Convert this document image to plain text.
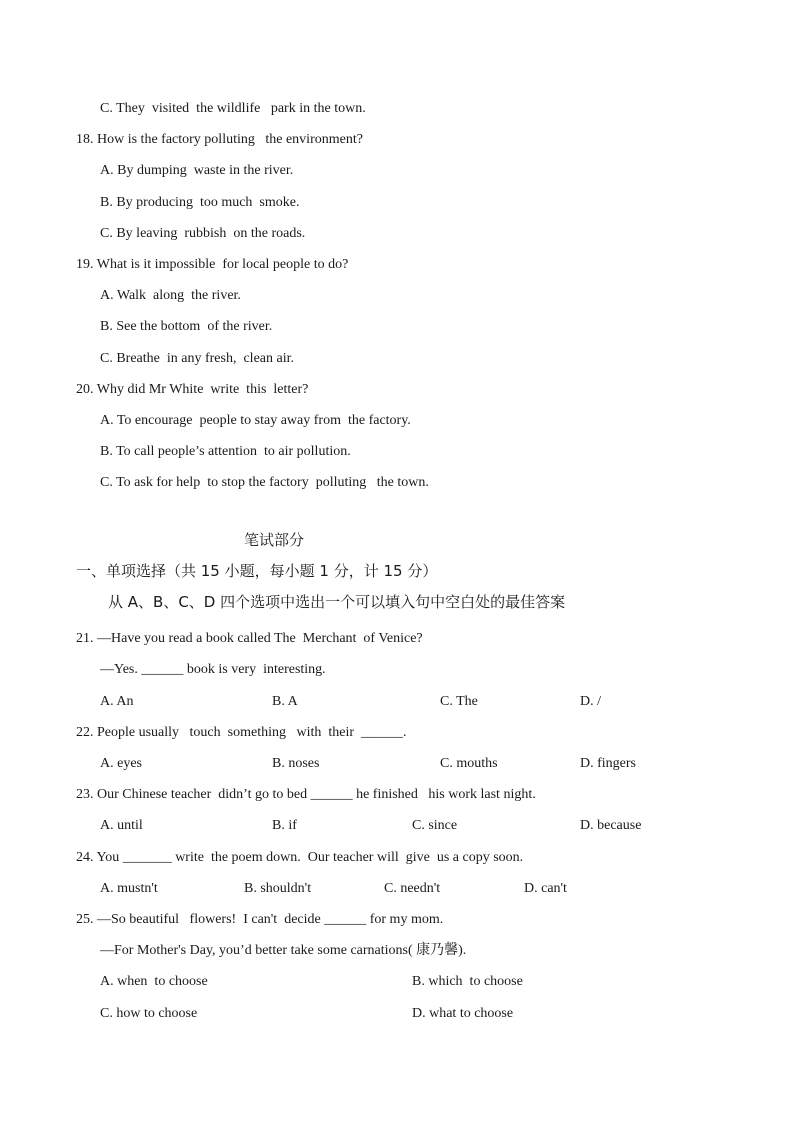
C. They  visited  the wildlife   park in the town.
18. How is the factory polluting   the environment?
A. By dumping  waste in the river.
B. By producing  too much  smoke.
C. By leaving  rubbish  on the roads.
19. What is it impossible  for local people to do?
A. Walk  along  the river.
B. See the bottom  of the river.
C. Breathe  in any fresh,  clean air.
20. Why did Mr White  write  this  letter?
A. To encourage  people to stay away from  the factory.
B. To call people’s attention  to air pollution.
C. To ask for help  to stop the factory  polluting   the town.
笔试部分
一、单项选择（共 15 小题，每小题 1 分，计 15 分）
从 A、B、C、D 四个选项中选出一个可以填入句中空白处的最佳答案
21. —Have you read a book called The  Merchant  of Venice?
—Yes. ______ book is very  interesting.
A. An	B. A	C. The	D. /
22. People usually   touch  something   with  their  ______.
A. eyes	B. noses	C. mouths	D. fingers
23. Our Chinese teacher  didn’t go to bed ______ he finished   his work last night.
A. until	B. if	C. since	D. because
24. You _______ write  the poem down.  Our teacher will  give  us a copy soon.
A. mustn't	B. shouldn't	C. needn't	D. can't
25. —So beautiful   flowers!  I can't  decide ______ for my mom.
—For Mother's Day, you’d better take some carnations( 康乃馨).
A. when  to choose	B. which  to choose
C. how to choose	D. what to choose
